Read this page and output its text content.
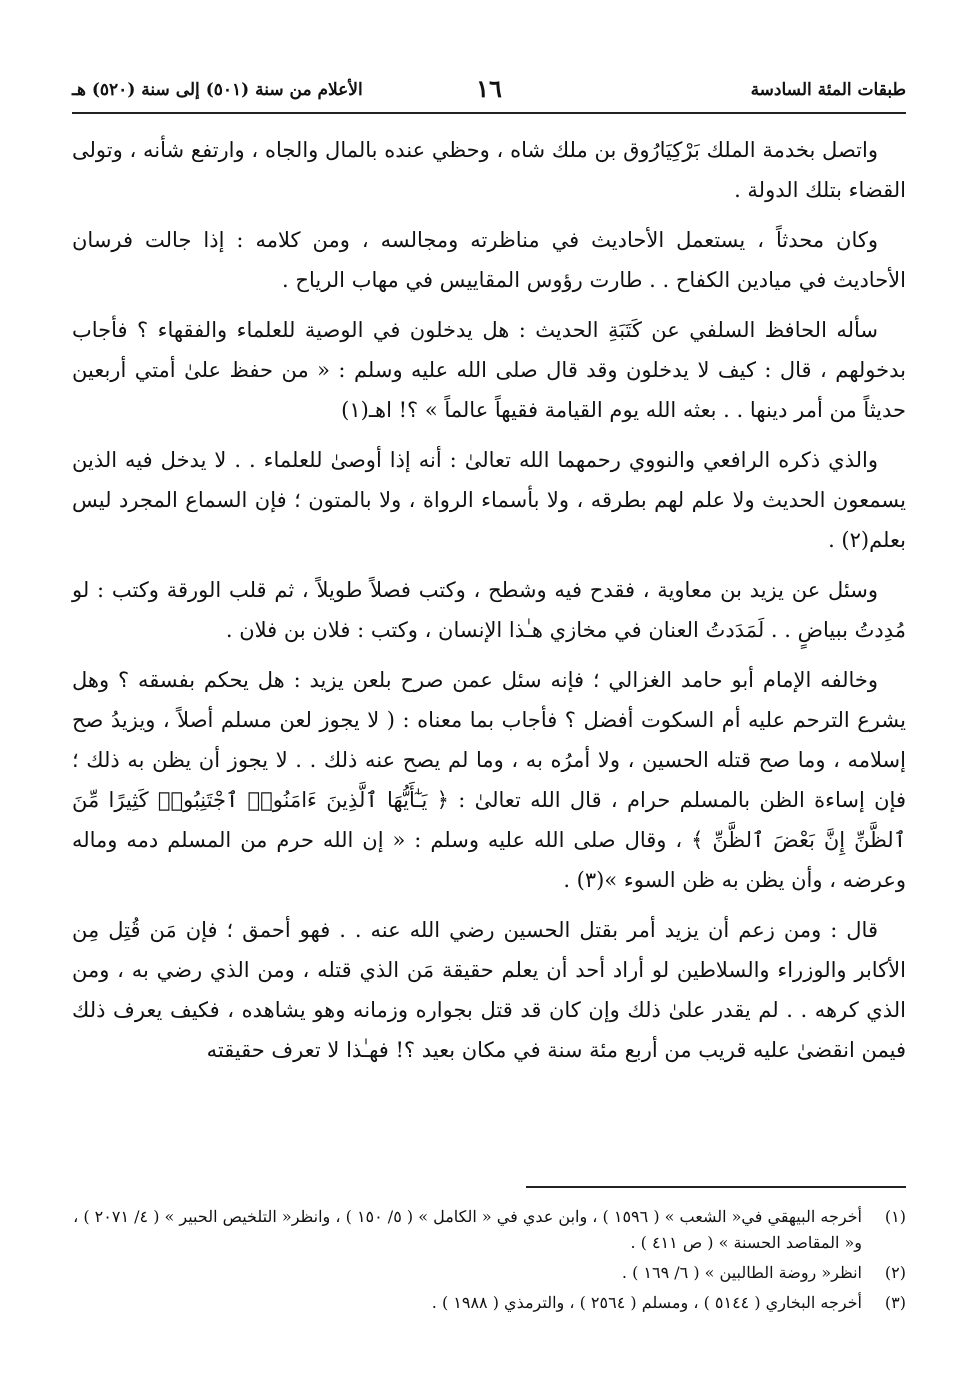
طبقات المئة السادسة
١٦
الأعلام من سنة (٥٠١) إلى سنة (٥٢٠) هـ

واتصل بخدمة الملك بَرْكِيَارُوق بن ملك شاه ، وحظي عنده بالمال والجاه ، وارتفع شأنه ، وتولى القضاء بتلك الدولة .

وكان محدثاً ، يستعمل الأحاديث في مناظرته ومجالسه ، ومن كلامه : إذا جالت فرسان الأحاديث في ميادين الكفاح . . طارت رؤوس المقاييس في مهاب الرياح .

سأله الحافظ السلفي عن كَتَبَةِ الحديث : هل يدخلون في الوصية للعلماء والفقهاء ؟ فأجاب بدخولهم ، قال : كيف لا يدخلون وقد قال صلى الله عليه وسلم : « من حفظ علىٰ أمتي أربعين حديثاً من أمر دينها . . بعثه الله يوم القيامة فقيهاً عالماً » ؟! اهـ(١)

والذي ذكره الرافعي والنووي رحمهما الله تعالىٰ : أنه إذا أوصىٰ للعلماء . . لا يدخل فيه الذين يسمعون الحديث ولا علم لهم بطرقه ، ولا بأسماء الرواة ، ولا بالمتون ؛ فإن السماع المجرد ليس بعلم(٢) .

وسئل عن يزيد بن معاوية ، فقدح فيه وشطح ، وكتب فصلاً طويلاً ، ثم قلب الورقة وكتب : لو مُدِدتُ ببياضٍ . . لَمَدَدتُ العنان في مخازي هـٰذا الإنسان ، وكتب : فلان بن فلان .

وخالفه الإمام أبو حامد الغزالي ؛ فإنه سئل عمن صرح بلعن يزيد : هل يحكم بفسقه ؟ وهل يشرع الترحم عليه أم السكوت أفضل ؟ فأجاب بما معناه : ( لا يجوز لعن مسلم أصلاً ، ويزيدُ صح إسلامه ، وما صح قتله الحسين ، ولا أمرُه به ، وما لم يصح عنه ذلك . . لا يجوز أن يظن به ذلك ؛ فإن إساءة الظن بالمسلم حرام ، قال الله تعالىٰ : ﴿ يَـٰٓأَيُّهَا ٱلَّذِينَ ءَامَنُوا۟ ٱجْتَنِبُوا۟ كَثِيرًا مِّنَ ٱلظَّنِّ إِنَّ بَعْضَ ٱلظَّنِّ ﴾ ، وقال صلى الله عليه وسلم : « إن الله حرم من المسلم دمه وماله وعرضه ، وأن يظن به ظن السوء »(٣) .

قال : ومن زعم أن يزيد أمر بقتل الحسين رضي الله عنه . . فهو أحمق ؛ فإن مَن قُتِل مِن الأكابر والوزراء والسلاطين لو أراد أحد أن يعلم حقيقة مَن الذي قتله ، ومن الذي رضي به ، ومن الذي كرهه . . لم يقدر علىٰ ذلك وإن كان قد قتل بجواره وزمانه وهو يشاهده ، فكيف يعرف ذلك فيمن انقضىٰ عليه قريب من أربع مئة سنة في مكان بعيد ؟! فهـٰذا لا تعرف حقيقته

(١)
أخرجه البيهقي في« الشعب » ( ١٥٩٦ ) ، وابن عدي في « الكامل » ( ٥/ ١٥٠ ) ، وانظر« التلخيص الحبير » ( ٤/ ٢٠٧١ ) ، و« المقاصد الحسنة » ( ص ٤١١ ) .
(٢)
انظر« روضة الطالبين » ( ٦/ ١٦٩ ) .
(٣)
أخرجه البخاري ( ٥١٤٤ ) ، ومسلم ( ٢٥٦٤ ) ، والترمذي ( ١٩٨٨ ) .
